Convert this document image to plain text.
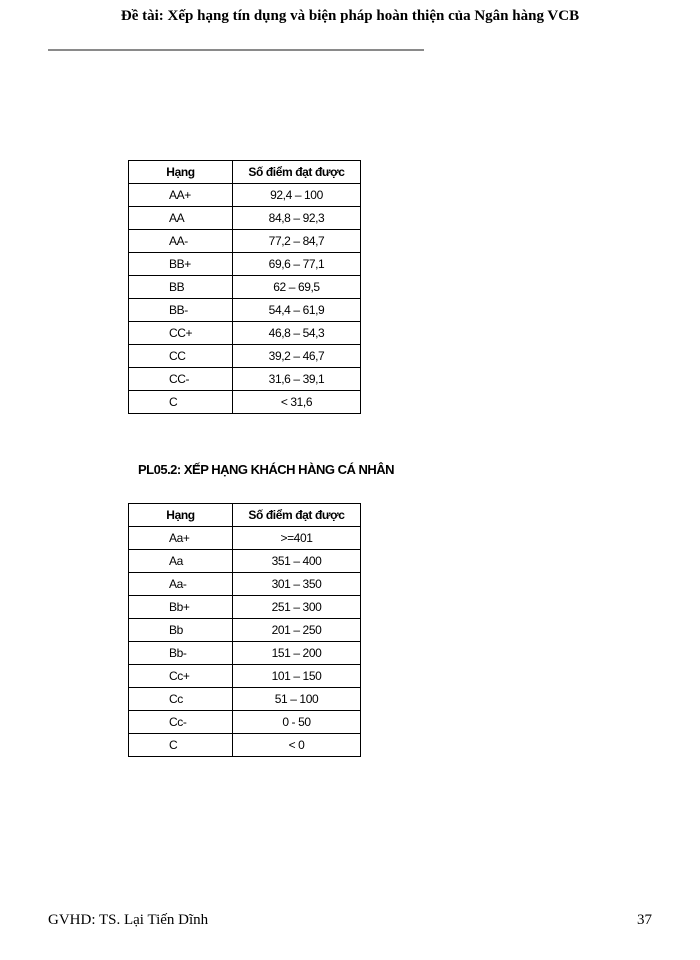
Đề tài: Xếp hạng tín dụng và biện pháp hoàn thiện của Ngân hàng VCB
Hạng	Số điểm đạt được
AA+	92,4 – 100
AA	84,8 – 92,3
AA-	77,2 – 84,7
BB+	69,6 – 77,1
BB	62 – 69,5
BB-	54,4 – 61,9
CC+	46,8 – 54,3
CC	39,2 – 46,7
CC-	31,6 – 39,1
C	< 31,6
PL05.2: XẾP HẠNG KHÁCH HÀNG CÁ NHÂN
Hạng	Số điểm đạt được
Aa+	>=401
Aa	351 – 400
Aa-	301 – 350
Bb+	251 – 300
Bb	201 – 250
Bb-	151 – 200
Cc+	101 – 150
Cc	51 – 100
Cc-	0 - 50
C	< 0
GVHD: TS. Lại Tiến Dĩnh	37
